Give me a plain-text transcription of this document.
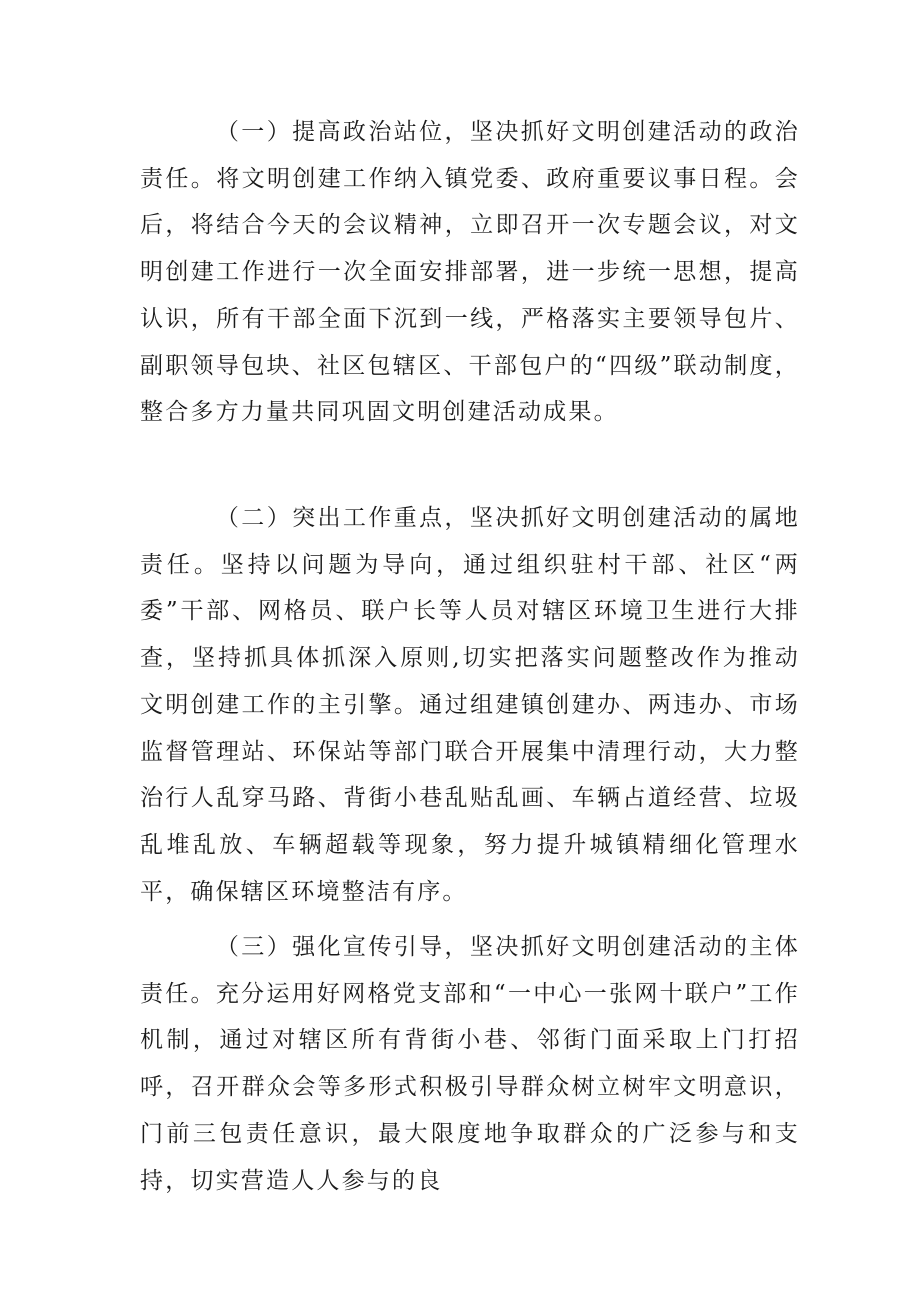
（一）提高政治站位，坚决抓好文明创建活动的政治责任。将文明创建工作纳入镇党委、政府重要议事日程。会后，将结合今天的会议精神，立即召开一次专题会议，对文明创建工作进行一次全面安排部署，进一步统一思想，提高认识，所有干部全面下沉到一线，严格落实主要领导包片、副职领导包块、社区包辖区、干部包户的“四级”联动制度，整合多方力量共同巩固文明创建活动成果。

（二）突出工作重点，坚决抓好文明创建活动的属地责任。坚持以问题为导向，通过组织驻村干部、社区“两委”干部、网格员、联户长等人员对辖区环境卫生进行大排查，坚持抓具体抓深入原则,切实把落实问题整改作为推动文明创建工作的主引擎。通过组建镇创建办、两违办、市场监督管理站、环保站等部门联合开展集中清理行动，大力整治行人乱穿马路、背街小巷乱贴乱画、车辆占道经营、垃圾乱堆乱放、车辆超载等现象，努力提升城镇精细化管理水平，确保辖区环境整洁有序。

（三）强化宣传引导，坚决抓好文明创建活动的主体责任。充分运用好网格党支部和“一中心一张网十联户”工作机制，通过对辖区所有背街小巷、邻街门面采取上门打招呼，召开群众会等多形式积极引导群众树立树牢文明意识，门前三包责任意识，最大限度地争取群众的广泛参与和支持，切实营造人人参与的良
